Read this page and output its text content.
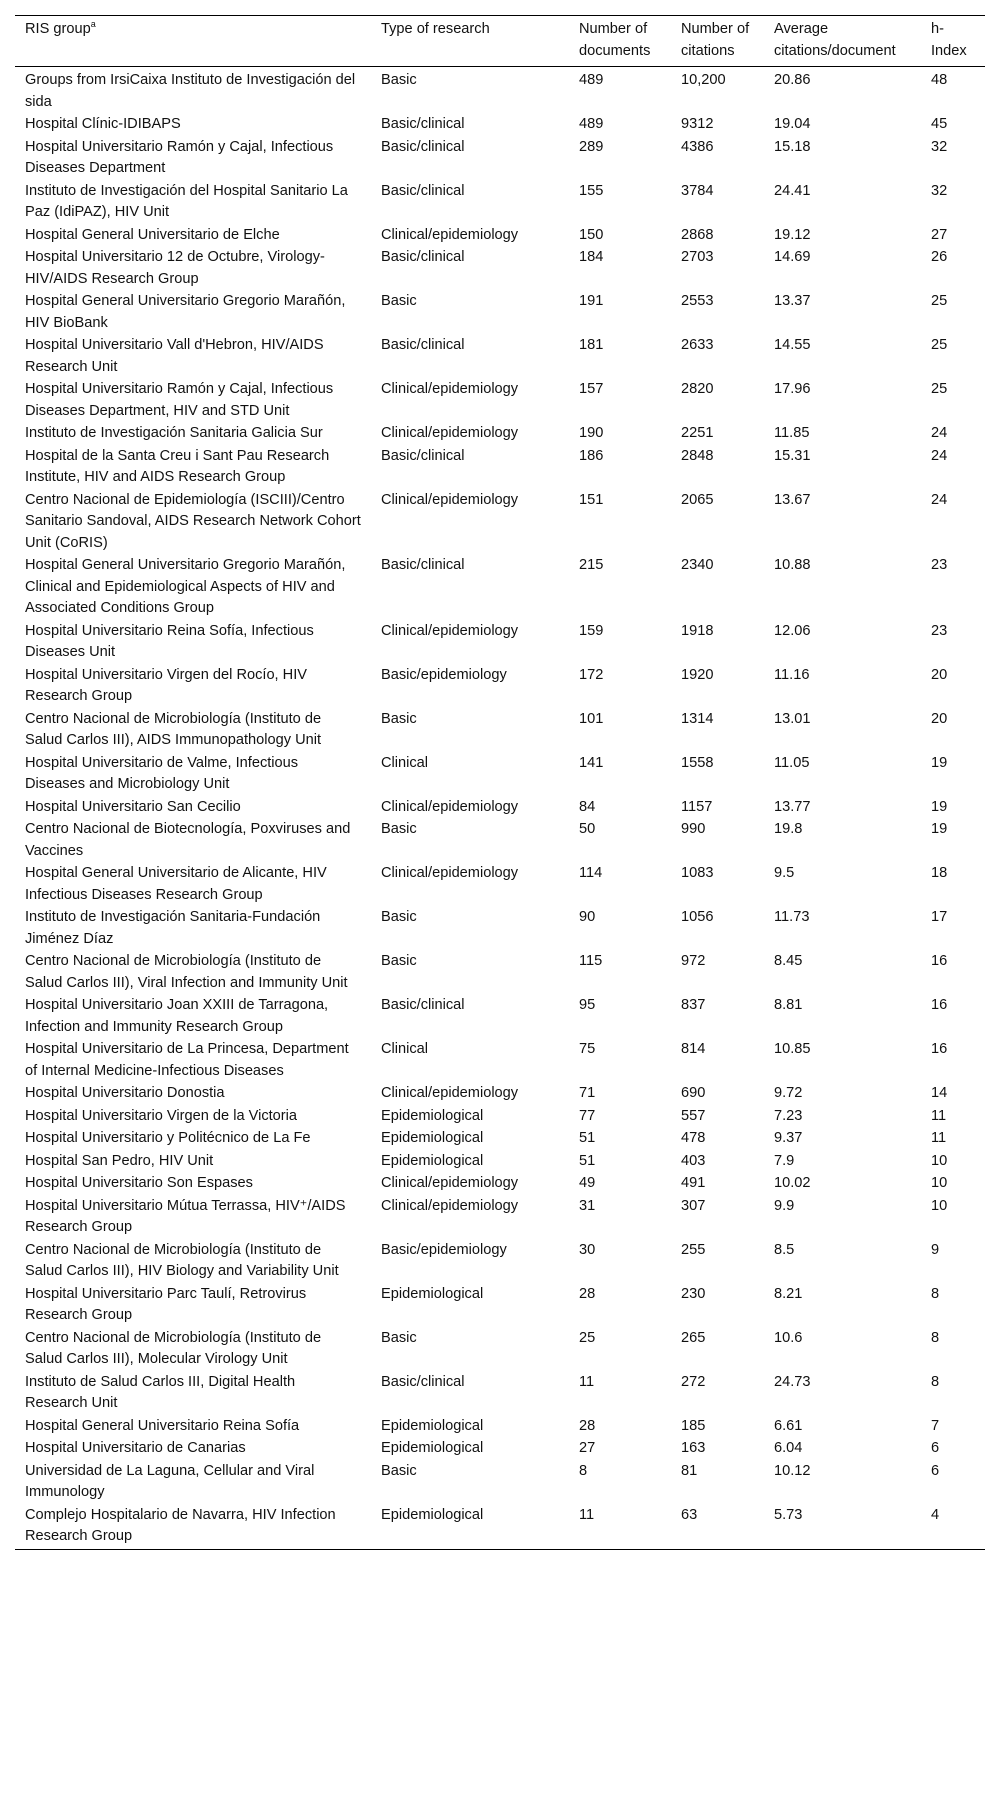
RIS group$^a$	Type of research	Number of documents	Number of citations	Average citations/document	h-Index
Groups from IrsiCaixa Instituto de Investigación del sida	Basic	489	10,200	20.86	48
Hospital Clínic-IDIBAPS	Basic/clinical	489	9312	19.04	45
Hospital Universitario Ramón y Cajal, Infectious Diseases Department	Basic/clinical	289	4386	15.18	32
Instituto de Investigación del Hospital Sanitario La Paz (IdiPAZ), HIV Unit	Basic/clinical	155	3784	24.41	32
Hospital General Universitario de Elche	Clinical/epidemiology	150	2868	19.12	27
Hospital Universitario 12 de Octubre, Virology-HIV/AIDS Research Group	Basic/clinical	184	2703	14.69	26
Hospital General Universitario Gregorio Marañón, HIV BioBank	Basic	191	2553	13.37	25
Hospital Universitario Vall d'Hebron, HIV/AIDS Research Unit	Basic/clinical	181	2633	14.55	25
Hospital Universitario Ramón y Cajal, Infectious Diseases Department, HIV and STD Unit	Clinical/epidemiology	157	2820	17.96	25
Instituto de Investigación Sanitaria Galicia Sur	Clinical/epidemiology	190	2251	11.85	24
Hospital de la Santa Creu i Sant Pau Research Institute, HIV and AIDS Research Group	Basic/clinical	186	2848	15.31	24
Centro Nacional de Epidemiología (ISCIII)/Centro Sanitario Sandoval, AIDS Research Network Cohort Unit (CoRIS)	Clinical/epidemiology	151	2065	13.67	24
Hospital General Universitario Gregorio Marañón, Clinical and Epidemiological Aspects of HIV and Associated Conditions Group	Basic/clinical	215	2340	10.88	23
Hospital Universitario Reina Sofía, Infectious Diseases Unit	Clinical/epidemiology	159	1918	12.06	23
Hospital Universitario Virgen del Rocío, HIV Research Group	Basic/epidemiology	172	1920	11.16	20
Centro Nacional de Microbiología (Instituto de Salud Carlos III), AIDS Immunopathology Unit	Basic	101	1314	13.01	20
Hospital Universitario de Valme, Infectious Diseases and Microbiology Unit	Clinical	141	1558	11.05	19
Hospital Universitario San Cecilio	Clinical/epidemiology	84	1157	13.77	19
Centro Nacional de Biotecnología, Poxviruses and Vaccines	Basic	50	990	19.8	19
Hospital General Universitario de Alicante, HIV Infectious Diseases Research Group	Clinical/epidemiology	114	1083	9.5	18
Instituto de Investigación Sanitaria-Fundación Jiménez Díaz	Basic	90	1056	11.73	17
Centro Nacional de Microbiología (Instituto de Salud Carlos III), Viral Infection and Immunity Unit	Basic	115	972	8.45	16
Hospital Universitario Joan XXIII de Tarragona, Infection and Immunity Research Group	Basic/clinical	95	837	8.81	16
Hospital Universitario de La Princesa, Department of Internal Medicine-Infectious Diseases	Clinical	75	814	10.85	16
Hospital Universitario Donostia	Clinical/epidemiology	71	690	9.72	14
Hospital Universitario Virgen de la Victoria	Epidemiological	77	557	7.23	11
Hospital Universitario y Politécnico de La Fe	Epidemiological	51	478	9.37	11
Hospital San Pedro, HIV Unit	Epidemiological	51	403	7.9	10
Hospital Universitario Son Espases	Clinical/epidemiology	49	491	10.02	10
Hospital Universitario Mútua Terrassa, HIV⁺/AIDS Research Group	Clinical/epidemiology	31	307	9.9	10
Centro Nacional de Microbiología (Instituto de Salud Carlos III), HIV Biology and Variability Unit	Basic/epidemiology	30	255	8.5	9
Hospital Universitario Parc Taulí, Retrovirus Research Group	Epidemiological	28	230	8.21	8
Centro Nacional de Microbiología (Instituto de Salud Carlos III), Molecular Virology Unit	Basic	25	265	10.6	8
Instituto de Salud Carlos III, Digital Health Research Unit	Basic/clinical	11	272	24.73	8
Hospital General Universitario Reina Sofía	Epidemiological	28	185	6.61	7
Hospital Universitario de Canarias	Epidemiological	27	163	6.04	6
Universidad de La Laguna, Cellular and Viral Immunology	Basic	8	81	10.12	6
Complejo Hospitalario de Navarra, HIV Infection Research Group	Epidemiological	11	63	5.73	4
